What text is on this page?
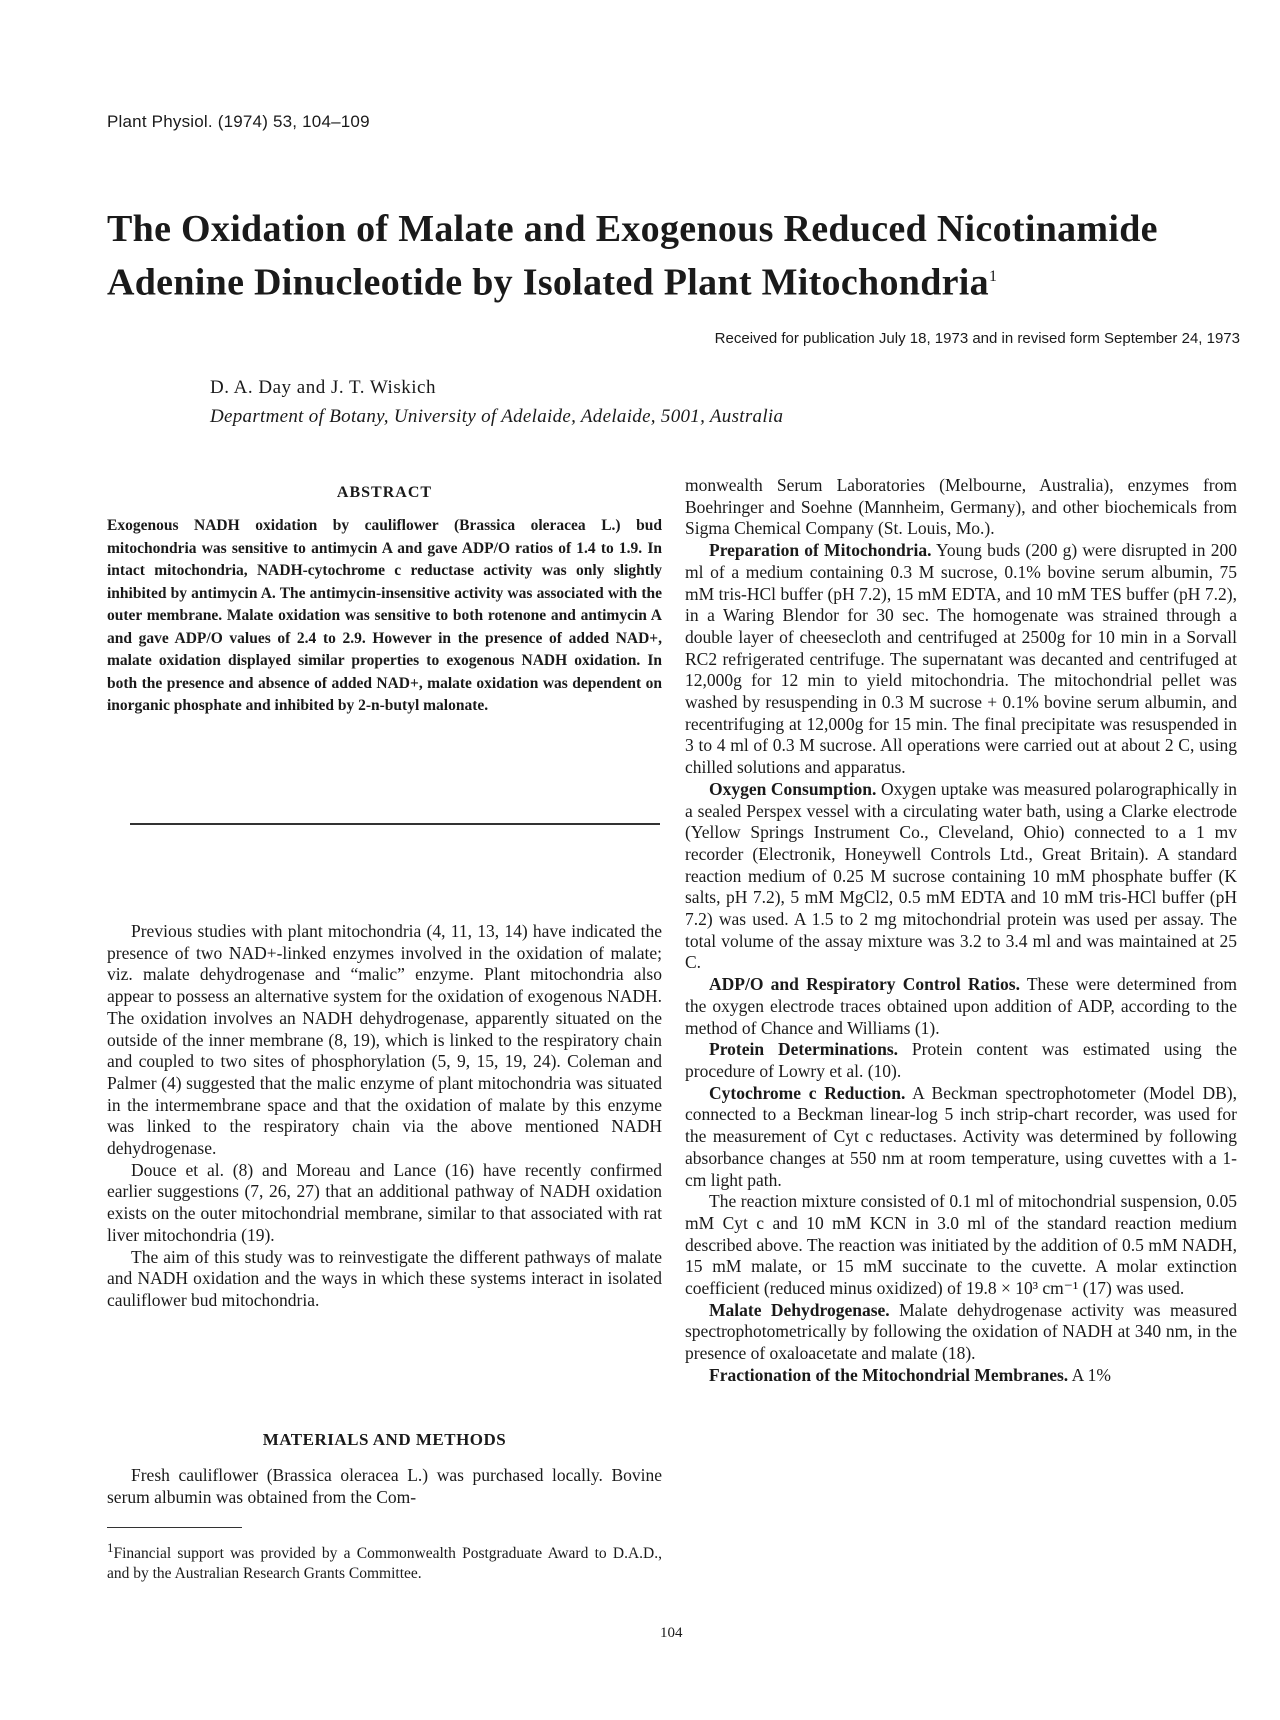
Plant Physiol. (1974) 53, 104–109
The Oxidation of Malate and Exogenous Reduced Nicotinamide Adenine Dinucleotide by Isolated Plant Mitochondria$^1$
Received for publication July 18, 1973 and in revised form September 24, 1973
D. A. Day and J. T. Wiskich
Department of Botany, University of Adelaide, Adelaide, 5001, Australia
ABSTRACT

Exogenous NADH oxidation by cauliflower (Brassica oleracea L.) bud mitochondria was sensitive to antimycin A and gave ADP/O ratios of 1.4 to 1.9. In intact mitochondria, NADH-cytochrome c reductase activity was only slightly inhibited by antimycin A. The antimycin-insensitive activity was associated with the outer membrane. Malate oxidation was sensitive to both rotenone and antimycin A and gave ADP/O values of 2.4 to 2.9. However in the presence of added NAD+, malate oxidation displayed similar properties to exogenous NADH oxidation. In both the presence and absence of added NAD+, malate oxidation was dependent on inorganic phosphate and inhibited by 2-n-butyl malonate.

Previous studies with plant mitochondria (4, 11, 13, 14) have indicated the presence of two NAD+-linked enzymes involved in the oxidation of malate; viz. malate dehydrogenase and “malic” enzyme. Plant mitochondria also appear to possess an alternative system for the oxidation of exogenous NADH. The oxidation involves an NADH dehydrogenase, apparently situated on the outside of the inner membrane (8, 19), which is linked to the respiratory chain and coupled to two sites of phosphorylation (5, 9, 15, 19, 24). Coleman and Palmer (4) suggested that the malic enzyme of plant mitochondria was situated in the intermembrane space and that the oxidation of malate by this enzyme was linked to the respiratory chain via the above mentioned NADH dehydrogenase.

Douce et al. (8) and Moreau and Lance (16) have recently confirmed earlier suggestions (7, 26, 27) that an additional pathway of NADH oxidation exists on the outer mitochondrial membrane, similar to that associated with rat liver mitochondria (19).

The aim of this study was to reinvestigate the different pathways of malate and NADH oxidation and the ways in which these systems interact in isolated cauliflower bud mitochondria.

MATERIALS AND METHODS

Fresh cauliflower (Brassica oleracea L.) was purchased locally. Bovine serum albumin was obtained from the Com-

$^1$Financial support was provided by a Commonwealth Postgraduate Award to D.A.D., and by the Australian Research Grants Committee.

monwealth Serum Laboratories (Melbourne, Australia), enzymes from Boehringer and Soehne (Mannheim, Germany), and other biochemicals from Sigma Chemical Company (St. Louis, Mo.).

Preparation of Mitochondria. Young buds (200 g) were disrupted in 200 ml of a medium containing 0.3 M sucrose, 0.1% bovine serum albumin, 75 mM tris-HCl buffer (pH 7.2), 15 mM EDTA, and 10 mM TES buffer (pH 7.2), in a Waring Blendor for 30 sec. The homogenate was strained through a double layer of cheesecloth and centrifuged at 2500g for 10 min in a Sorvall RC2 refrigerated centrifuge. The supernatant was decanted and centrifuged at 12,000g for 12 min to yield mitochondria. The mitochondrial pellet was washed by resuspending in 0.3 M sucrose + 0.1% bovine serum albumin, and recentrifuging at 12,000g for 15 min. The final precipitate was resuspended in 3 to 4 ml of 0.3 M sucrose. All operations were carried out at about 2 C, using chilled solutions and apparatus.

Oxygen Consumption. Oxygen uptake was measured polarographically in a sealed Perspex vessel with a circulating water bath, using a Clarke electrode (Yellow Springs Instrument Co., Cleveland, Ohio) connected to a 1 mv recorder (Electronik, Honeywell Controls Ltd., Great Britain). A standard reaction medium of 0.25 M sucrose containing 10 mM phosphate buffer (K salts, pH 7.2), 5 mM MgCl2, 0.5 mM EDTA and 10 mM tris-HCl buffer (pH 7.2) was used. A 1.5 to 2 mg mitochondrial protein was used per assay. The total volume of the assay mixture was 3.2 to 3.4 ml and was maintained at 25 C.

ADP/O and Respiratory Control Ratios. These were determined from the oxygen electrode traces obtained upon addition of ADP, according to the method of Chance and Williams (1).

Protein Determinations. Protein content was estimated using the procedure of Lowry et al. (10).

Cytochrome c Reduction. A Beckman spectrophotometer (Model DB), connected to a Beckman linear-log 5 inch strip-chart recorder, was used for the measurement of Cyt c reductases. Activity was determined by following absorbance changes at 550 nm at room temperature, using cuvettes with a 1-cm light path.

The reaction mixture consisted of 0.1 ml of mitochondrial suspension, 0.05 mM Cyt c and 10 mM KCN in 3.0 ml of the standard reaction medium described above. The reaction was initiated by the addition of 0.5 mM NADH, 15 mM malate, or 15 mM succinate to the cuvette. A molar extinction coefficient (reduced minus oxidized) of 19.8 × 10³ cm⁻¹ (17) was used.

Malate Dehydrogenase. Malate dehydrogenase activity was measured spectrophotometrically by following the oxidation of NADH at 340 nm, in the presence of oxaloacetate and malate (18).

Fractionation of the Mitochondrial Membranes. A 1%

104
